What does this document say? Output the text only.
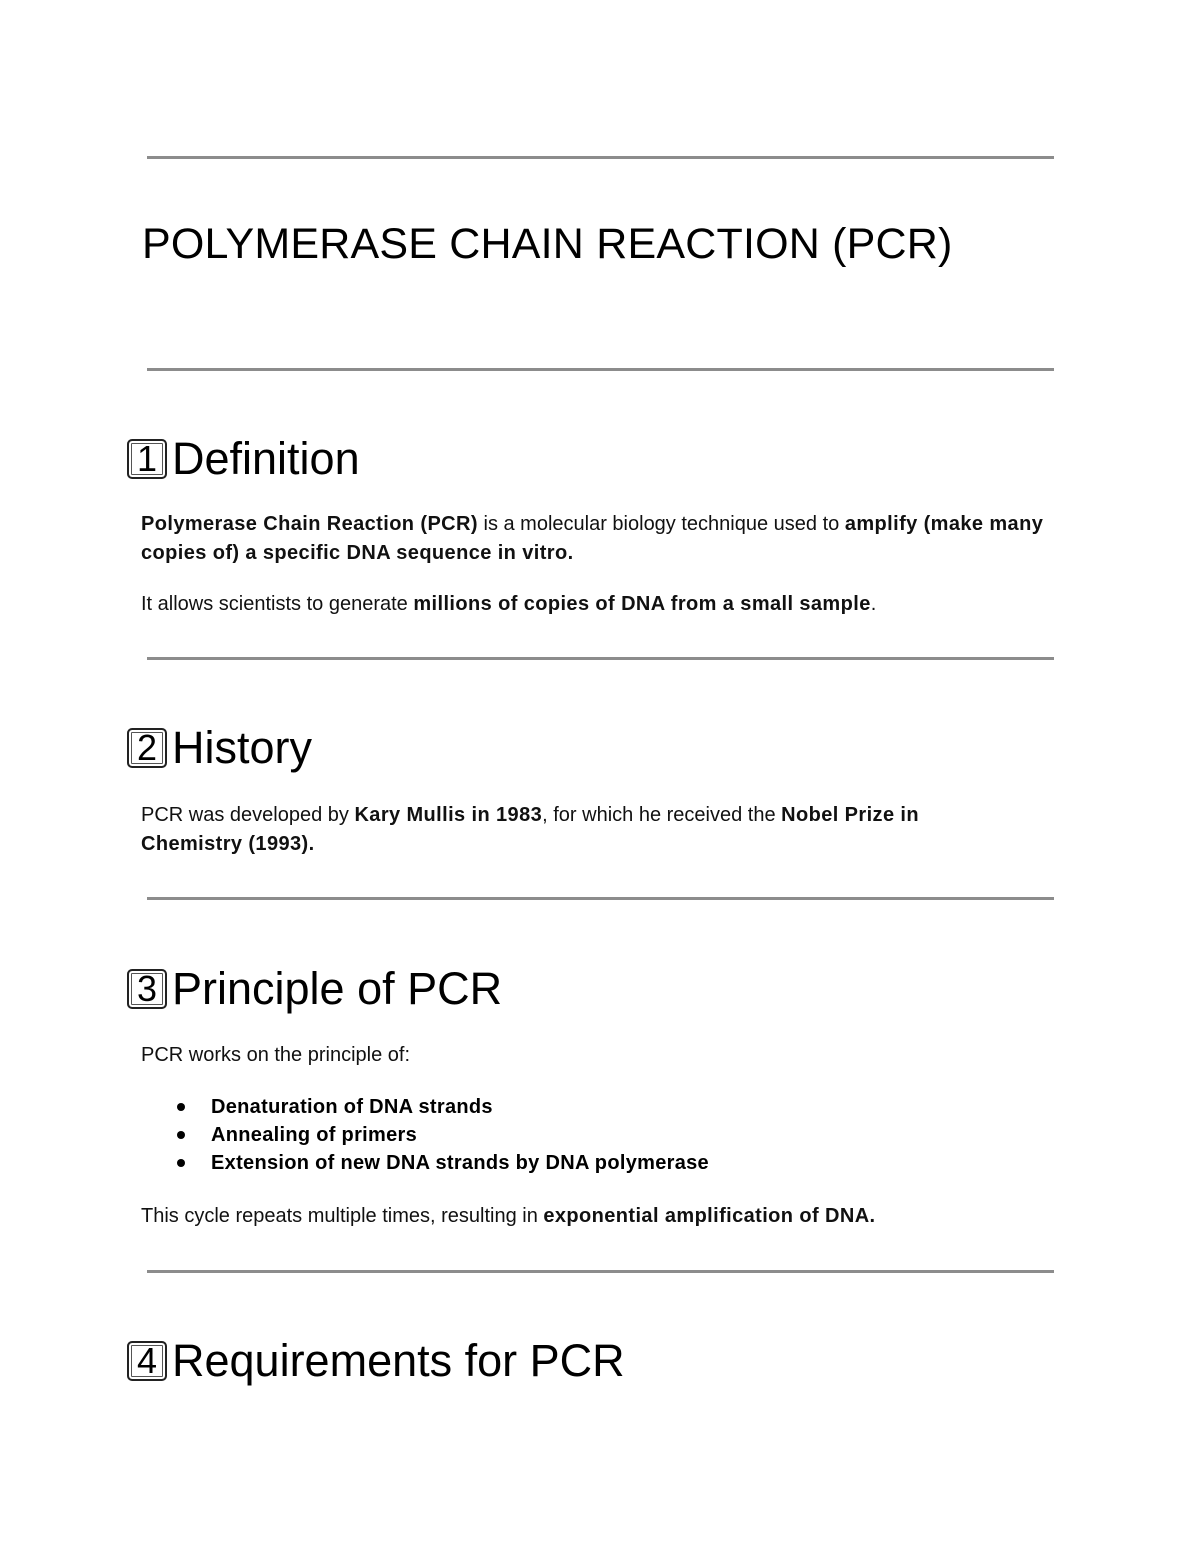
POLYMERASE CHAIN REACTION (PCR)
1 Definition

Polymerase Chain Reaction (PCR) is a molecular biology technique used to amplify (make many copies of) a specific DNA sequence in vitro.

It allows scientists to generate millions of copies of DNA from a small sample.

2 History

PCR was developed by Kary Mullis in 1983, for which he received the Nobel Prize in Chemistry (1993).

3 Principle of PCR

PCR works on the principle of:

Denaturation of DNA strands
Annealing of primers
Extension of new DNA strands by DNA polymerase

This cycle repeats multiple times, resulting in exponential amplification of DNA.

4 Requirements for PCR
